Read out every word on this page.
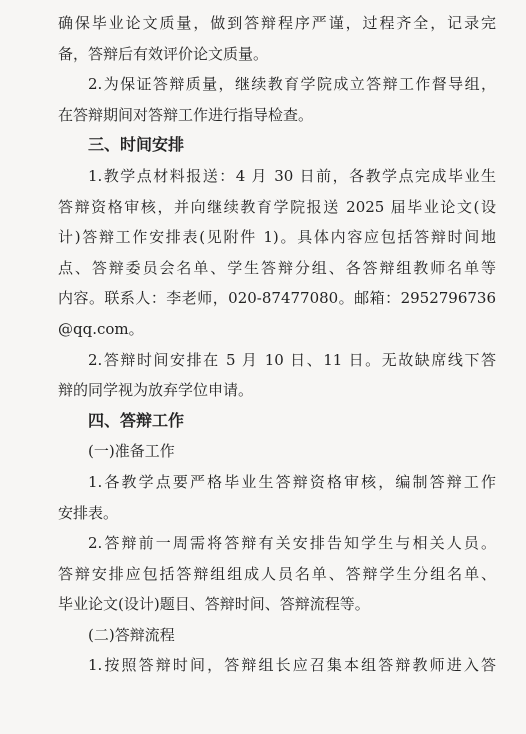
确保毕业论文质量，做到答辩程序严谨，过程齐全，记录完
备，答辩后有效评价论文质量。
2.为保证答辩质量，继续教育学院成立答辩工作督导组，
在答辩期间对答辩工作进行指导检查。
三、时间安排
1.教学点材料报送：4 月 30 日前，各教学点完成毕业生
答辩资格审核，并向继续教育学院报送 2025 届毕业论文(设
计)答辩工作安排表(见附件 1)。具体内容应包括答辩时间地
点、答辩委员会名单、学生答辩分组、各答辩组教师名单等
内容。联系人：李老师，020-87477080。邮箱：2952796736
@qq.com。
2.答辩时间安排在 5 月 10 日、11 日。无故缺席线下答
辩的同学视为放弃学位申请。
四、答辩工作
(一)准备工作
1.各教学点要严格毕业生答辩资格审核，编制答辩工作
安排表。
2.答辩前一周需将答辩有关安排告知学生与相关人员。
答辩安排应包括答辩组组成人员名单、答辩学生分组名单、
毕业论文(设计)题目、答辩时间、答辩流程等。
(二)答辩流程
1.按照答辩时间，答辩组长应召集本组答辩教师进入答
